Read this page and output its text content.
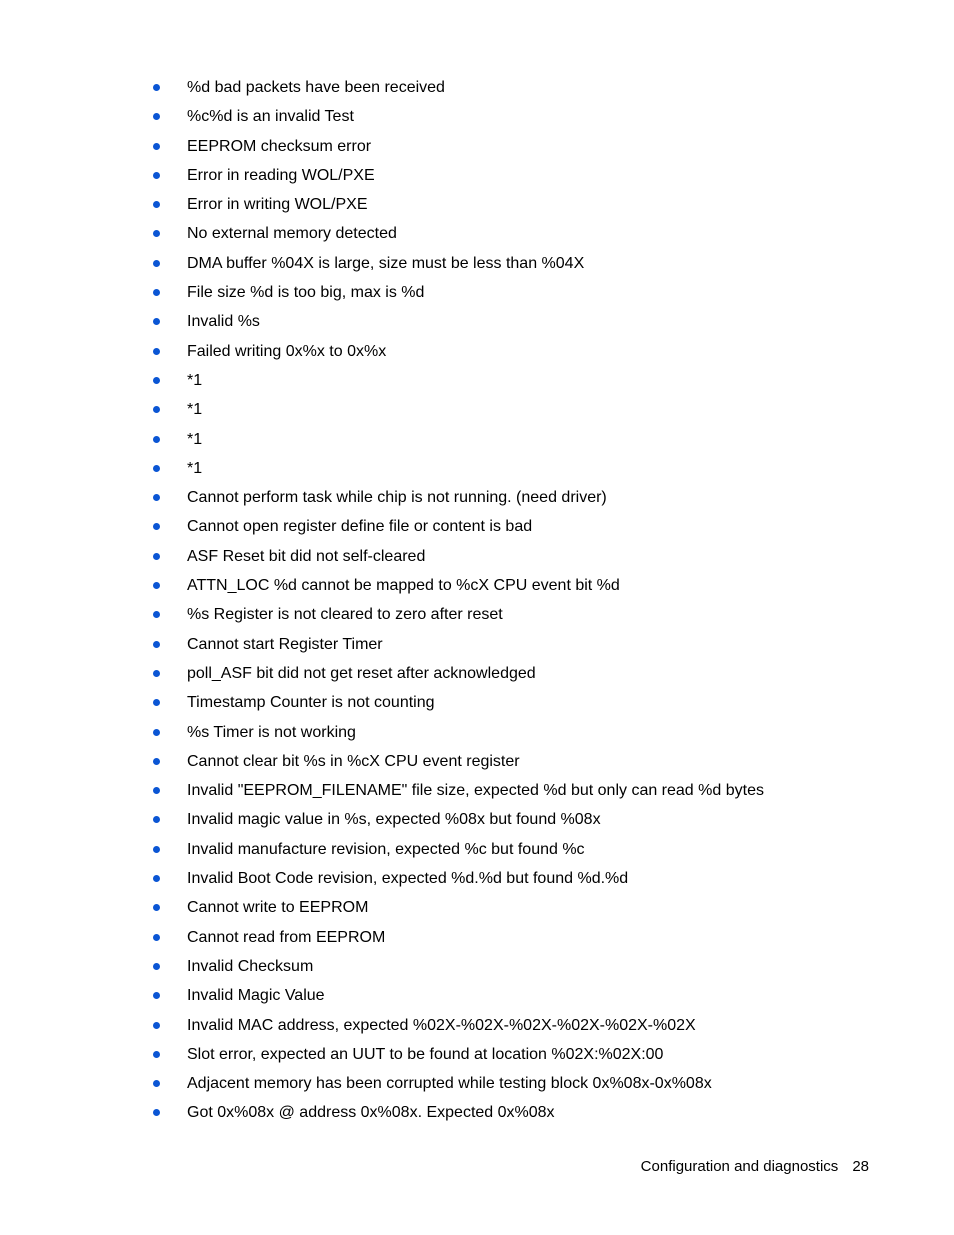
%d bad packets have been received
%c%d is an invalid Test
EEPROM checksum error
Error in reading WOL/PXE
Error in writing WOL/PXE
No external memory detected
DMA buffer %04X is large, size must be less than %04X
File size %d is too big, max is %d
Invalid %s
Failed writing 0x%x to 0x%x
*1
*1
*1
*1
Cannot perform task while chip is not running. (need driver)
Cannot open register define file or content is bad
ASF Reset bit did not self-cleared
ATTN_LOC %d cannot be mapped to %cX CPU event bit %d
%s Register is not cleared to zero after reset
Cannot start Register Timer
poll_ASF bit did not get reset after acknowledged
Timestamp Counter is not counting
%s Timer is not working
Cannot clear bit %s in %cX CPU event register
Invalid "EEPROM_FILENAME" file size, expected %d but only can read %d bytes
Invalid magic value in %s, expected %08x but found %08x
Invalid manufacture revision, expected %c but found %c
Invalid Boot Code revision, expected %d.%d but found %d.%d
Cannot write to EEPROM
Cannot read from EEPROM
Invalid Checksum
Invalid Magic Value
Invalid MAC address, expected %02X-%02X-%02X-%02X-%02X-%02X
Slot error, expected an UUT to be found at location %02X:%02X:00
Adjacent memory has been corrupted while testing block 0x%08x-0x%08x
Got 0x%08x @ address 0x%08x. Expected 0x%08x
Configuration and diagnostics 28
